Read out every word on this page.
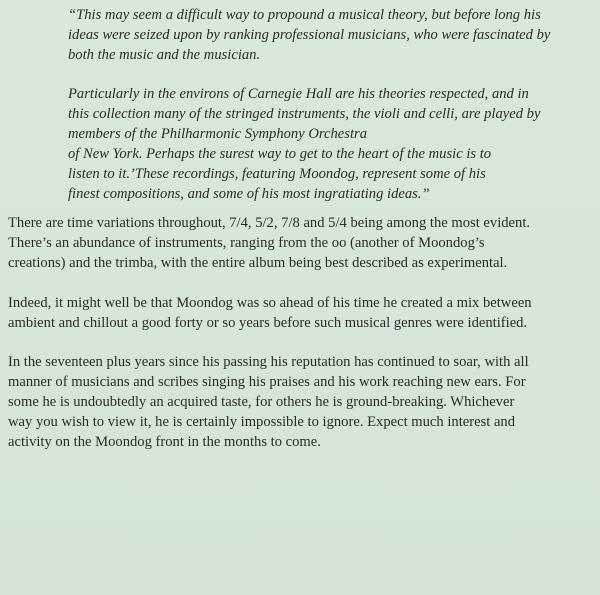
“This may seem a difficult way to propound a musical theory, but before long his
ideas were seized upon by ranking professional musicians, who were fascinated by
both the music and the musician.

Particularly in the environs of Carnegie Hall are his theories respected, and in
this collection many of the stringed instruments, the violi and celli, are played by
members of the Philharmonic Symphony Orchestra
of New York. Perhaps the surest way to get to the heart of the music is to
listen to it.’These recordings, featuring Moondog, represent some of his
finest compositions, and some of his most ingratiating ideas.”

There are time variations throughout, 7/4, 5/2, 7/8 and 5/4 being among the most evident.
There’s an abundance of instruments, ranging from the oo (another of Moondog’s
creations) and the trimba, with the entire album being best described as experimental.

Indeed, it might well be that Moondog was so ahead of his time he created a mix between
ambient and chillout a good forty or so years before such musical genres were identified.

In the seventeen plus years since his passing his reputation has continued to soar, with all
manner of musicians and scribes singing his praises and his work reaching new ears. For
some he is undoubtedly an acquired taste, for others he is ground-breaking. Whichever
way you wish to view it, he is certainly impossible to ignore. Expect much interest and
activity on the Moondog front in the months to come.
